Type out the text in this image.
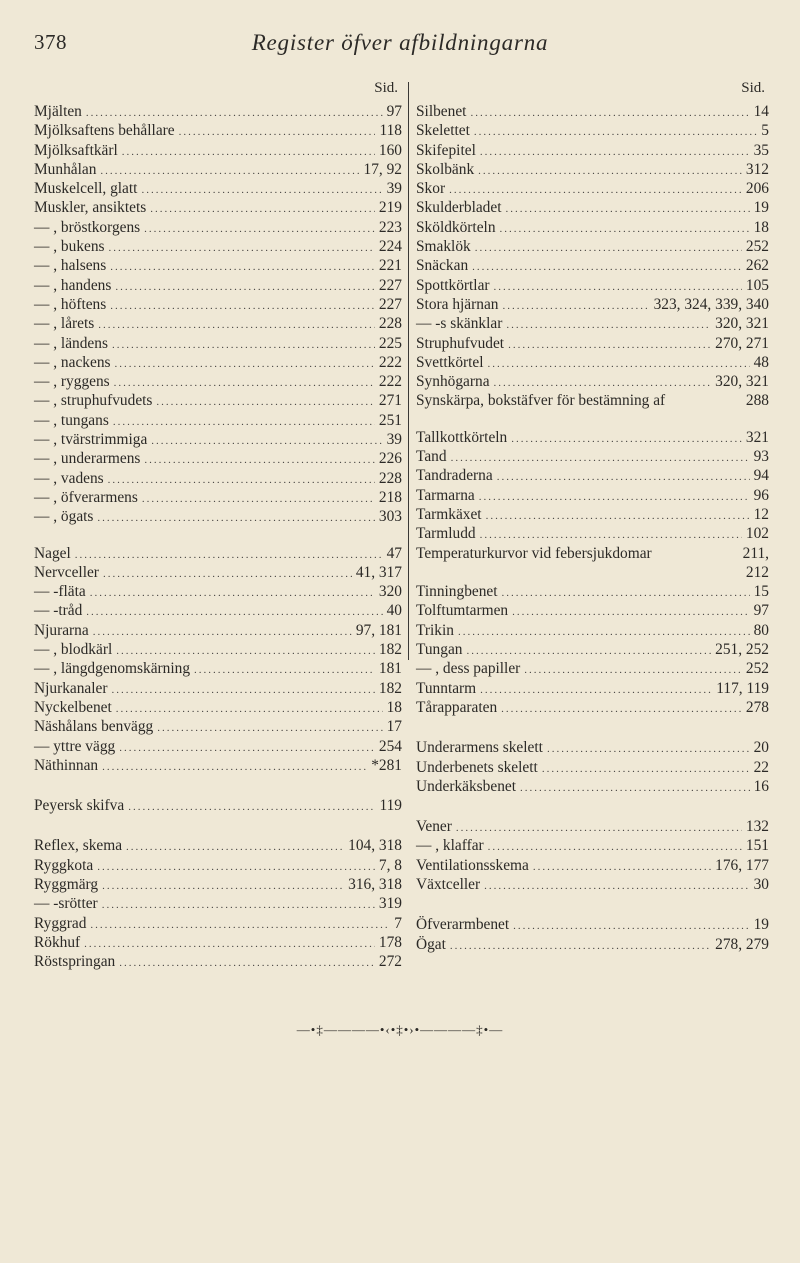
378	Register öfver afbildningarna
Sid.
Mjälten .....	97
Mjölksaftens behållare .....	118
Mjölksaftkärl .....	160
Munhålan .....	17, 92
Muskelcell, glatt .....	39
Muskler, ansiktets .....	219
— , bröstkorgens .....	223
— , bukens .....	224
— , halsens .....	221
— , handens .....	227
— , höftens .....	227
— , lårets .....	228
— , ländens .....	225
— , nackens .....	222
— , ryggens .....	222
— , struphufvudets .....	271
— , tungans .....	251
— , tvärstrimmiga .....	39
— , underarmens .....	226
— , vadens .....	228
— , öfverarmens .....	218
— , ögats .....	303
Nagel .....	47
Nervceller .....	41, 317
— -fläta .....	320
— -tråd .....	40
Njurarna .....	97, 181
— , blodkärl .....	182
— , längdgenomskärning .....	181
Njurkanaler .....	182
Nyckelbenet .....	18
Näshålans benvägg .....	17
— yttre vägg .....	254
Näthinnan .....	*281
Peyersk skifva .....	119
Reflex, skema .....	104, 318
Ryggkota .....	7, 8
Ryggmärg .....	316, 318
— -srötter .....	319
Ryggrad .....	7
Rökhuf .....	178
Röstspringan .....	272
Sid.
Silbenet .....	14
Skelettet .....	5
Skifepitel .....	35
Skolbänk .....	312
Skor .....	206
Skulderbladet .....	19
Sköldkörteln .....	18
Smaklök .....	252
Snäckan .....	262
Spottkörtlar .....	105
Stora hjärnan .....	323, 324, 339, 340
— -s skänklar .....	320, 321
Struphufvudet .....	270, 271
Svettkörtel .....	48
Synhögarna .....	320, 321
Synskärpa, bokstäfver för bestämning af	288
Tallkottkörteln .....	321
Tand .....	93
Tandraderna .....	94
Tarmarna .....	96
Tarmkäxet .....	12
Tarmludd .....	102
Temperaturkurvor vid febersjukdomar	211,
212
Tinningbenet .....	15
Tolftumtarmen .....	97
Trikin .....	80
Tungan .....	251, 252
— , dess papiller .....	252
Tunntarm .....	117, 119
Tårapparaten .....	278
Underarmens skelett .....	20
Underbenets skelett .....	22
Underkäksbenet .....	16
Vener .....	132
— , klaffar .....	151
Ventilationsskema .....	176, 177
Växtceller .....	30
Öfverarmbenet .....	19
Ögat .....	278, 279
—•‡————•‹•‡•›•————‡•—
